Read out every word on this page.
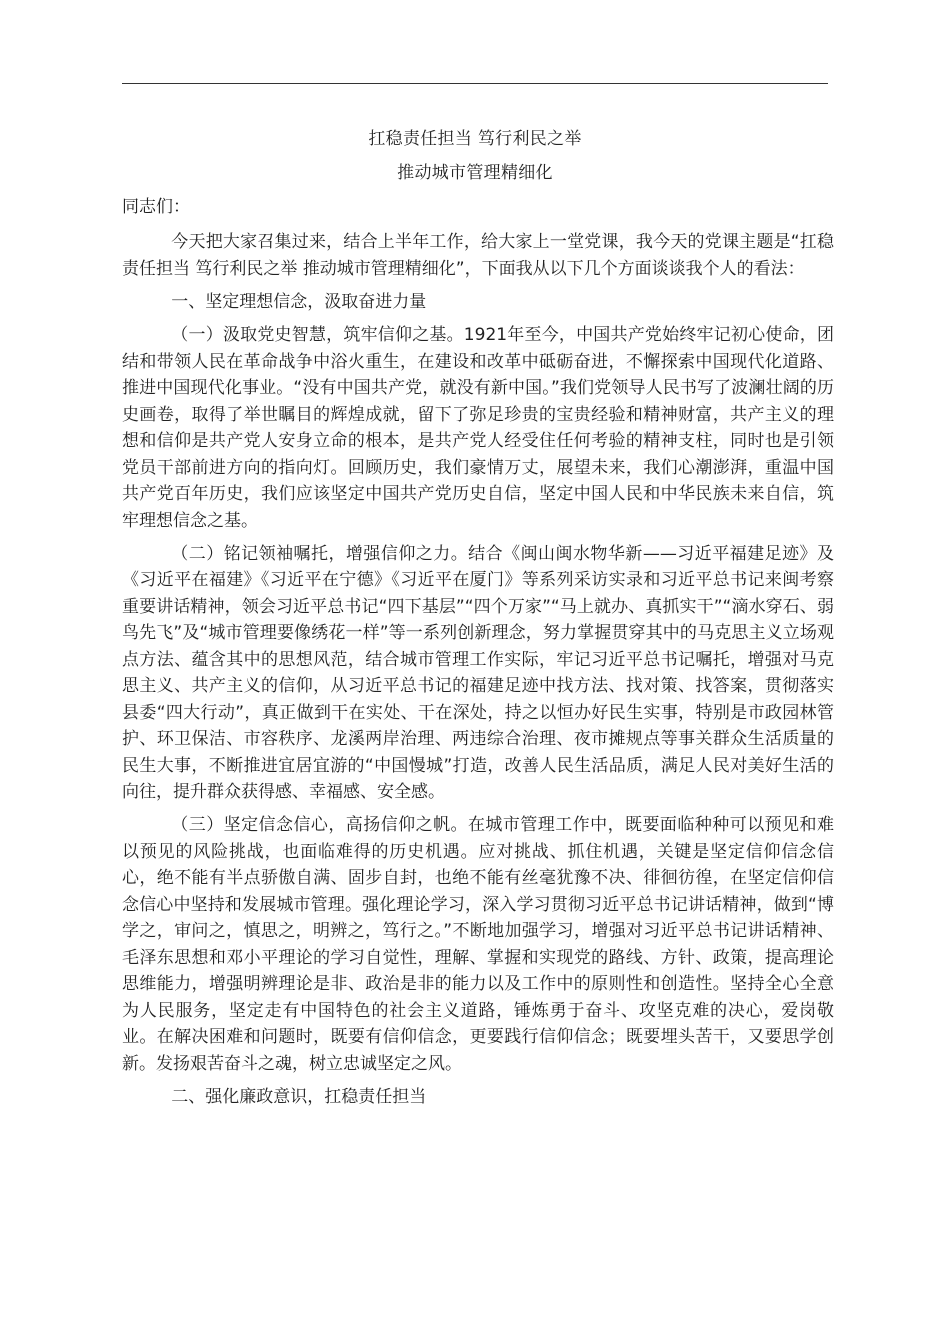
扛稳责任担当 笃行利民之举
推动城市管理精细化
同志们：

今天把大家召集过来，结合上半年工作，给大家上一堂党课，我今天的党课主题是“扛稳责任担当 笃行利民之举 推动城市管理精细化”，下面我从以下几个方面谈谈我个人的看法：

一、坚定理想信念，汲取奋进力量

（一）汲取党史智慧，筑牢信仰之基。1921年至今，中国共产党始终牢记初心使命，团结和带领人民在革命战争中浴火重生，在建设和改革中砥砺奋进，不懈探索中国现代化道路、推进中国现代化事业。“没有中国共产党，就没有新中国。”我们党领导人民书写了波澜壮阔的历史画卷，取得了举世瞩目的辉煌成就，留下了弥足珍贵的宝贵经验和精神财富，共产主义的理想和信仰是共产党人安身立命的根本，是共产党人经受住任何考验的精神支柱，同时也是引领党员干部前进方向的指向灯。回顾历史，我们豪情万丈，展望未来，我们心潮澎湃，重温中国共产党百年历史，我们应该坚定中国共产党历史自信，坚定中国人民和中华民族未来自信，筑牢理想信念之基。

（二）铭记领袖嘱托，增强信仰之力。结合《闽山闽水物华新——习近平福建足迹》及《习近平在福建》《习近平在宁德》《习近平在厦门》等系列采访实录和习近平总书记来闽考察重要讲话精神，领会习近平总书记“四下基层”“四个万家”“马上就办、真抓实干”“滴水穿石、弱鸟先飞”及“城市管理要像绣花一样”等一系列创新理念，努力掌握贯穿其中的马克思主义立场观点方法、蕴含其中的思想风范，结合城市管理工作实际，牢记习近平总书记嘱托，增强对马克思主义、共产主义的信仰，从习近平总书记的福建足迹中找方法、找对策、找答案，贯彻落实县委“四大行动”，真正做到干在实处、干在深处，持之以恒办好民生实事，特别是市政园林管护、环卫保洁、市容秩序、龙溪两岸治理、两违综合治理、夜市摊规点等事关群众生活质量的民生大事，不断推进宜居宜游的“中国慢城”打造，改善人民生活品质，满足人民对美好生活的向往，提升群众获得感、幸福感、安全感。

（三）坚定信念信心，高扬信仰之帆。在城市管理工作中，既要面临种种可以预见和难以预见的风险挑战，也面临难得的历史机遇。应对挑战、抓住机遇，关键是坚定信仰信念信心，绝不能有半点骄傲自满、固步自封，也绝不能有丝毫犹豫不决、徘徊彷徨，在坚定信仰信念信心中坚持和发展城市管理。强化理论学习，深入学习贯彻习近平总书记讲话精神，做到“博学之，审问之，慎思之，明辨之，笃行之。”不断地加强学习，增强对习近平总书记讲话精神、毛泽东思想和邓小平理论的学习自觉性，理解、掌握和实现党的路线、方针、政策，提高理论思维能力，增强明辨理论是非、政治是非的能力以及工作中的原则性和创造性。坚持全心全意为人民服务，坚定走有中国特色的社会主义道路，锤炼勇于奋斗、攻坚克难的决心，爱岗敬业。在解决困难和问题时，既要有信仰信念，更要践行信仰信念；既要埋头苦干，又要思学创新。发扬艰苦奋斗之魂，树立忠诚坚定之风。

二、强化廉政意识，扛稳责任担当
